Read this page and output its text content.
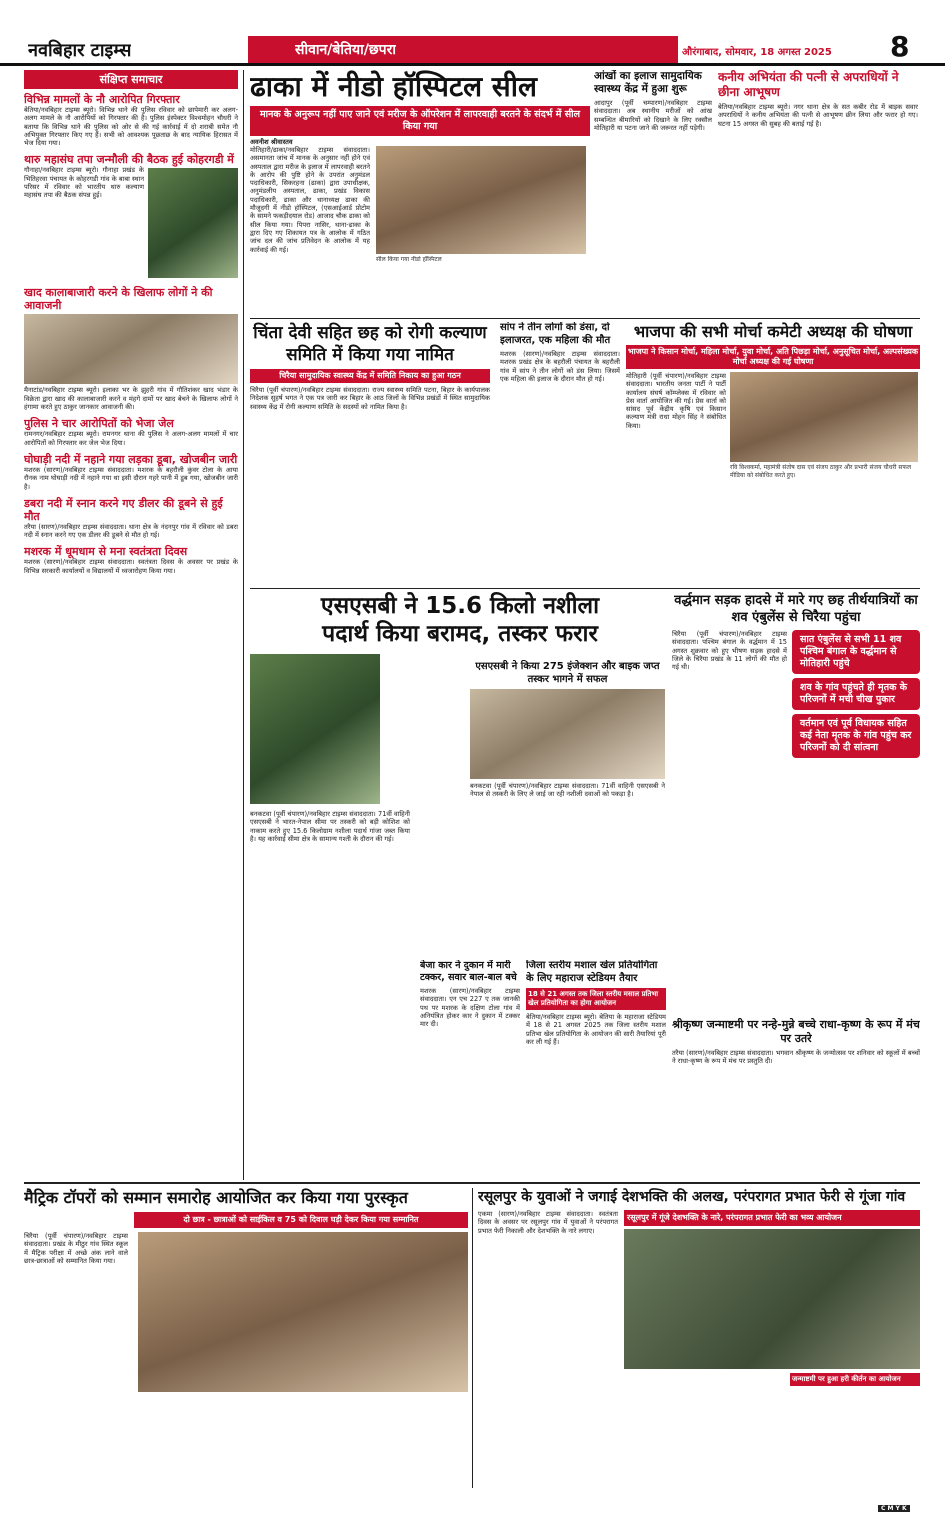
नवबिहार टाइम्स	सीवान/बेतिया/छपरा	औरंगाबाद, सोमवार, 18 अगस्त 2025 8
संक्षिप्त समाचार
विभिन्न मामलों के नौ आरोपित गिरफ्तार
बेतिया/नवबिहार टाइम्स ब्यूरो। विभिन्न थाने की पुलिस रविवार को छापेमारी कर अलग-अलग मामले के नौ आरोपियों को गिरफ्तार की है। पुलिस इंस्पेक्टर विश्वमोहन चौधरी ने बताया कि विभिन्न थाने की पुलिस को ओर से की गई कार्रवाई में दो शराबी समेत नौ अभियुक्त गिरफ्तार किए गए हैं। सभी को आवश्यक पूछताछ के बाद न्यायिक हिरासत में भेज दिया गया।
थारु महासंघ तपा जन्मौली की बैठक हुई कोहरगडी में
गौनाहा/नवबिहार टाइम्स ब्यूरो। गौनाहा प्रखंड के भितिहरवा पंचायत के कोहरगडी गांव के बाबा स्थान परिसर में रविवार को भारतीय थारु कल्याण महासंघ तपा की बैठक संपन्न हुई।
खाद कालाबाजारी करने के खिलाफ लोगों ने की आवाजनी
मैनाटांड/नवबिहार टाइम्स ब्यूरो। इलाका भर के झुहरी गांव में गौतिशंकर खाद भंडार के विक्रेता द्वारा खाद की कालाबाजारी करने व मंहगे दामों पर खाद बेचने के खिलाफ लोगों ने हंगामा करते हुए ठाकुर जानकार आवाजनी की।
पुलिस ने चार आरोपितों को भेजा जेल
रामनगर/नवबिहार टाइम्स ब्यूरो। रामनगर थाना की पुलिस ने अलग-अलग मामलों में चार आरोपितों को गिरफ्तार कर जेल भेज दिया।
घोघाड़ी नदी में नहाने गया लड़का डूबा, खोजबीन जारी
मशरक (सारण)/नवबिहार टाइम्स संवाददाता। मशरक के बहरौली कुंवर टोला के आया रौनक नाम घोघाड़ी नदी में नहाने गया था इसी दौरान गहरे पानी में डूब गया, खोजबीन जारी है।
डबरा नदी में स्नान करने गए डीलर की डूबने से हुई मौत
तरैया (सारण)/नवबिहार टाइम्स संवाददाता। थाना क्षेत्र के नंदनपुर गांव में रविवार को डबरा नदी में स्नान करने गए एक डीलर की डूबने से मौत हो गई।
मशरक में धूमधाम से मना स्वतंत्रता दिवस
मशरक (सारण)/नवबिहार टाइम्स संवाददाता। स्वतंत्रता दिवस के अवसर पर प्रखंड के विभिन्न सरकारी कार्यालयों व विद्यालयों में ध्वजारोहण किया गया।
ढाका में नीडो हॉस्पिटल सील
मानक के अनुरूप नहीं पाए जाने एवं मरीज के ऑपरेशन में लापरवाही बरतने के संदर्भ में सील किया गया
अवनीश श्रीवास्तव
मोतिहारी/ढाका/नवबिहार टाइम्स संवाददाता। असमानता जांच में मानक के अनुसार नहीं होने एवं अस्पताल द्वारा मरीज के इलाज में लापरवाही बरतने के आरोप की पुष्टि होने के उपरांत अनुमंडल पदाधिकारी, सिकरहना (ढाका) द्वारा उपाधीक्षक, अनुमंडलीय अस्पताल, ढाका, प्रखंड विकास पदाधिकारी, ढाका और थानाध्यक्ष ढाका की मौजूदगी में नीडो हॉस्पिटल, (एसआईआर्ड प्रोटोम के सामने फकड़ीदयाल रोड) आजाद चौक ढाका को सील किया गया। पिपरा नासिर, थाना-ढाका के द्वारा दिए गए शिकायत पत्र के आलोक में गठित जांच दल की जांच प्रतिवेदन के आलोक में यह कार्रवाई की गई।
सील किया गया नीडो हॉस्पिटल
आंखों का इलाज सामुदायिक स्वास्थ्य केंद्र में हुआ शुरू
आदापुर (पूर्वी चम्पारण)/नवबिहार टाइम्स संवाददाता। अब स्थानीय मरीजों को आंख सम्बन्धित बीमारियों को दिखाने के लिए रक्सौल मोतिहारी या पटना जाने की जरूरत नहीं पड़ेगी।
कनीय अभियंता की पत्नी से अपराधियों ने छीना आभूषण
बेतिया/नवबिहार टाइम्स ब्यूरो। नगर थाना क्षेत्र के सत कबीर रोड में बाइक सवार अपराधियों ने कनीय अभियंता की पत्नी से आभूषण छीन लिया और फरार हो गए। घटना 15 अगस्त की सुबह की बताई गई है।
चिंता देवी सहित छह को रोगी कल्याण समिति में किया गया नामित
चिरैया सामुदायिक स्वास्थ्य केंद्र में समिति निकाय का हुआ गठन
चिरैया (पूर्वी चंपारण)/नवबिहार टाइम्स संवाददाता। राज्य स्वास्थ्य समिति पटना, बिहार के कार्यपालक निदेशक सुहर्ष भगत ने एक पत्र जारी कर बिहार के आठ जिलों के विभिन्न प्रखंडों में स्थित सामुदायिक स्वास्थ्य केंद्र में रोगी कल्याण समिति के सदस्यों को नामित किया है।
सांप ने तीन लोगों को डंसा, दो इलाजरत, एक महिला की मौत
मशरक (सारण)/नवबिहार टाइम्स संवाददाता। मशरक प्रखंड क्षेत्र के बहरौली पंचायत के बहरौली गांव में सांप ने तीन लोगों को डंस लिया। जिसमें एक महिला की इलाज के दौरान मौत हो गई।
भाजपा की सभी मोर्चा कमेटी अध्यक्ष की घोषणा
भाजपा ने किसान मोर्चा, महिला मोर्चा, युवा मोर्चा, अति पिछड़ा मोर्चा, अनुसूचित मोर्चा, अल्पसंख्यक मोर्चा अध्यक्ष की गई घोषणा
मोतिहारी (पूर्वी चंपारण)/नवबिहार टाइम्स संवाददाता। भारतीय जनता पार्टी ने पार्टी कार्यालय संघर्ष कॉम्प्लेक्स में रविवार को प्रेस वार्ता आयोजित की गई। प्रेस वार्ता को सांसद पूर्व केंद्रीय कृषि एवं किसान कल्याण मंत्री राधा मोहन सिंह ने संबोधित किया।
रवि विश्वकर्मा, महामंत्री संतोष दास एवं संजय ठाकुर और प्रभारी संजय चौधरी सफल मीडिया को संबोधित करते हुए।
एसएसबी ने 15.6 किलो नशीला
पदार्थ किया बरामद, तस्कर फरार
बनकटवा (पूर्वी चंपारण)/नवबिहार टाइम्स संवाददाता। 71वीं वाहिनी एसएसबी ने भारत-नेपाल सीमा पर तस्करी को बड़ी कोशिश को नाकाम करते हुए 15.6 किलोग्राम नशीला पदार्थ गांजा जब्त किया है। यह कार्रवाई सीमा क्षेत्र के सामान्य गश्ती के दौरान की गई।
एसएसबी ने किया 275 इंजेक्शन और बाइक जप्त तस्कर भागने में सफल
बनकटवा (पूर्वी चंपारण)/नवबिहार टाइम्स संवाददाता। 71वीं वाहिनी एसएसबी ने नेपाल से तस्करी के लिए ले जाई जा रही नशीली दवाओं को पकड़ा है।
वर्द्धमान सड़क हादसे में मारे गए छह तीर्थयात्रियों का शव एंबुलेंस से चिरैया पहुंचा
चिरैया (पूर्वी चंपारण)/नवबिहार टाइम्स संवाददाता। पश्चिम बंगाल के वर्द्धमान में 15 अगस्त शुक्रवार को हुए भीषण सड़क हादसे में जिले के चिरैया प्रखंड के 11 लोगों की मौत हो गई थी।
सात एंबुलेंस से सभी 11 शव पश्चिम बंगाल के वर्द्धमान से मोतिहारी पहुंचे
शव के गांव पहुंचते ही मृतक के परिजनों में मची चीख पुकार
वर्तमान एवं पूर्व विधायक सहित कई नेता मृतक के गांव पहुंच कर परिजनों को दी सांत्वना
बेजा कार ने दुकान में मारी टक्कर, सवार बाल-बाल बचे
मशरक (सारण)/नवबिहार टाइम्स संवाददाता। एन एच 227 ए तक जानकी पथ पर मशरक के दक्षिण टोला गांव में अनियंत्रित होकर कार ने दुकान में टक्कर मार दी।
जिला स्तरीय मशाल खेल प्रतियोगिता के लिए महाराज स्टेडियम तैयार
18 से 21 अगस्त तक जिला स्तरीय मसाल प्रतिभा खेल प्रतियोगिता का होगा आयोजन
बेतिया/नवबिहार टाइम्स ब्यूरो। बेतिया के महाराजा स्टेडियम में 18 से 21 अगस्त 2025 तक जिला स्तरीय मशाल प्रतिभा खेल प्रतियोगिता के आयोजन की सारी तैयारियां पूरी कर ली गई हैं।
श्रीकृष्ण जन्माष्टमी पर नन्हे-मुन्ने बच्चे राधा-कृष्ण के रूप में मंच पर उतरे
तरैया (सारण)/नवबिहार टाइम्स संवाददाता। भगवान श्रीकृष्ण के जन्मोत्सव पर शनिवार को स्कूलों में बच्चों ने राधा-कृष्ण के रूप में मंच पर प्रस्तुति दी।
मैट्रिक टॉपरों को सम्मान समारोह आयोजित कर किया गया पुरस्कृत
दो छात्र - छात्राओं को साईकिल व 75 को दिवाल घड़ी देकर किया गया सम्मानित
चिरैया (पूर्वी चंपारण)/नवबिहार टाइम्स संवाददाता। प्रखंड के मीठुर गांव स्थित स्कूल में मैट्रिक परीक्षा में अच्छे अंक लाने वाले छात्र-छात्राओं को सम्मानित किया गया।
रसूलपुर के युवाओं ने जगाई देशभक्ति की अलख, परंपरागत प्रभात फेरी से गूंजा गांव
एकमा (सारण)/नवबिहार टाइम्स संवाददाता। स्वतंत्रता दिवस के अवसर पर रसूलपुर गांव में युवाओं ने परंपरागत प्रभात फेरी निकाली और देशभक्ति के नारे लगाए।
रसूलपुर में गूंजे देशभक्ति के नारे, परंपरागत प्रभात फेरी का भव्य आयोजन
जन्माष्टमी पर हुआ हरी कीर्तन का आयोजन
C M Y K
